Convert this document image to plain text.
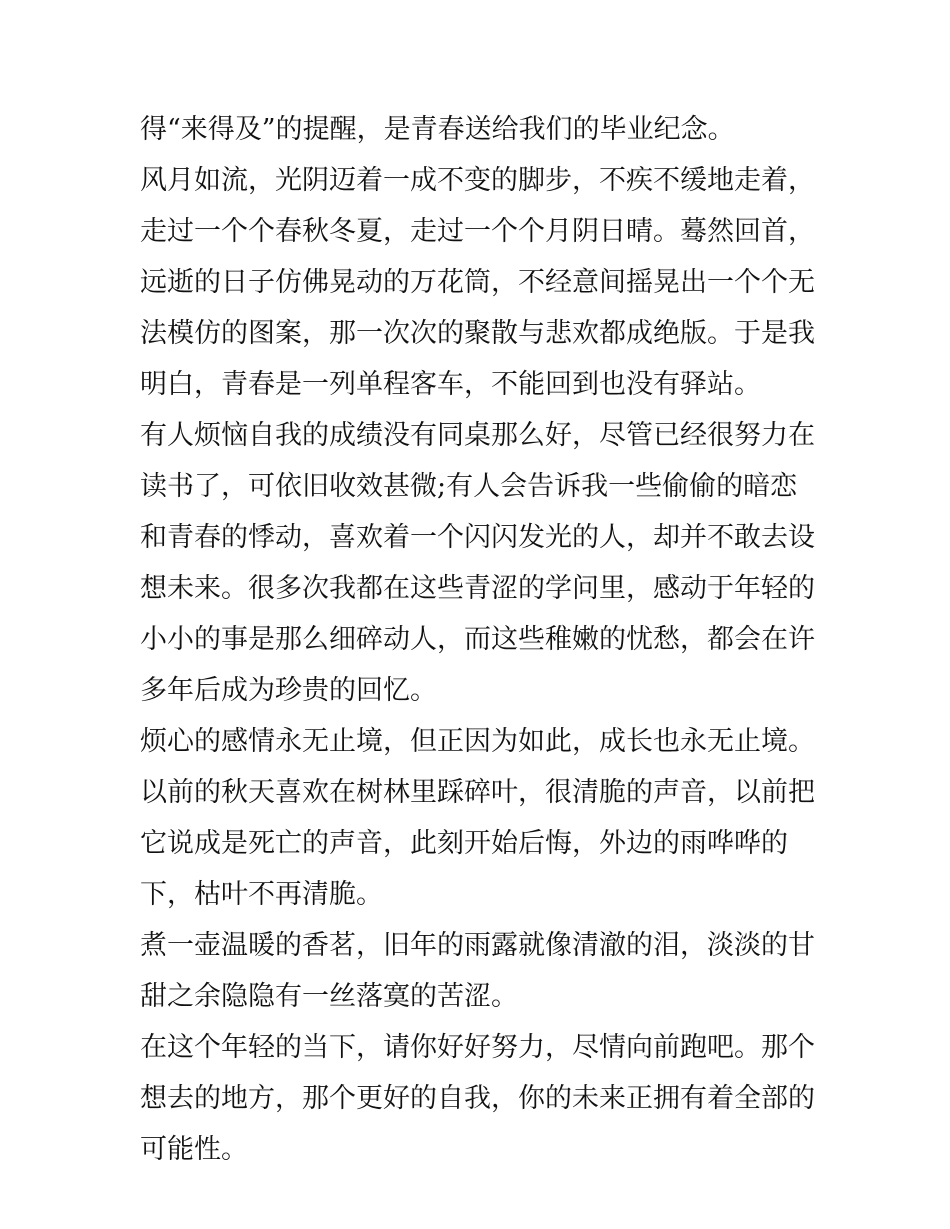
得“来得及”的提醒，是青春送给我们的毕业纪念。

风月如流，光阴迈着一成不变的脚步，不疾不缓地走着，走过一个个春秋冬夏，走过一个个月阴日晴。蓦然回首，远逝的日子仿佛晃动的万花筒，不经意间摇晃出一个个无法模仿的图案，那一次次的聚散与悲欢都成绝版。于是我明白，青春是一列单程客车，不能回到也没有驿站。

有人烦恼自我的成绩没有同桌那么好，尽管已经很努力在读书了，可依旧收效甚微;有人会告诉我一些偷偷的暗恋和青春的悸动，喜欢着一个闪闪发光的人，却并不敢去设想未来。很多次我都在这些青涩的学问里，感动于年轻的小小的事是那么细碎动人，而这些稚嫩的忧愁，都会在许多年后成为珍贵的回忆。

烦心的感情永无止境，但正因为如此，成长也永无止境。

以前的秋天喜欢在树林里踩碎叶，很清脆的声音，以前把它说成是死亡的声音，此刻开始后悔，外边的雨哗哗的下，枯叶不再清脆。

煮一壶温暖的香茗，旧年的雨露就像清澈的泪，淡淡的甘甜之余隐隐有一丝落寞的苦涩。

在这个年轻的当下，请你好好努力，尽情向前跑吧。那个想去的地方，那个更好的自我，你的未来正拥有着全部的可能性。
